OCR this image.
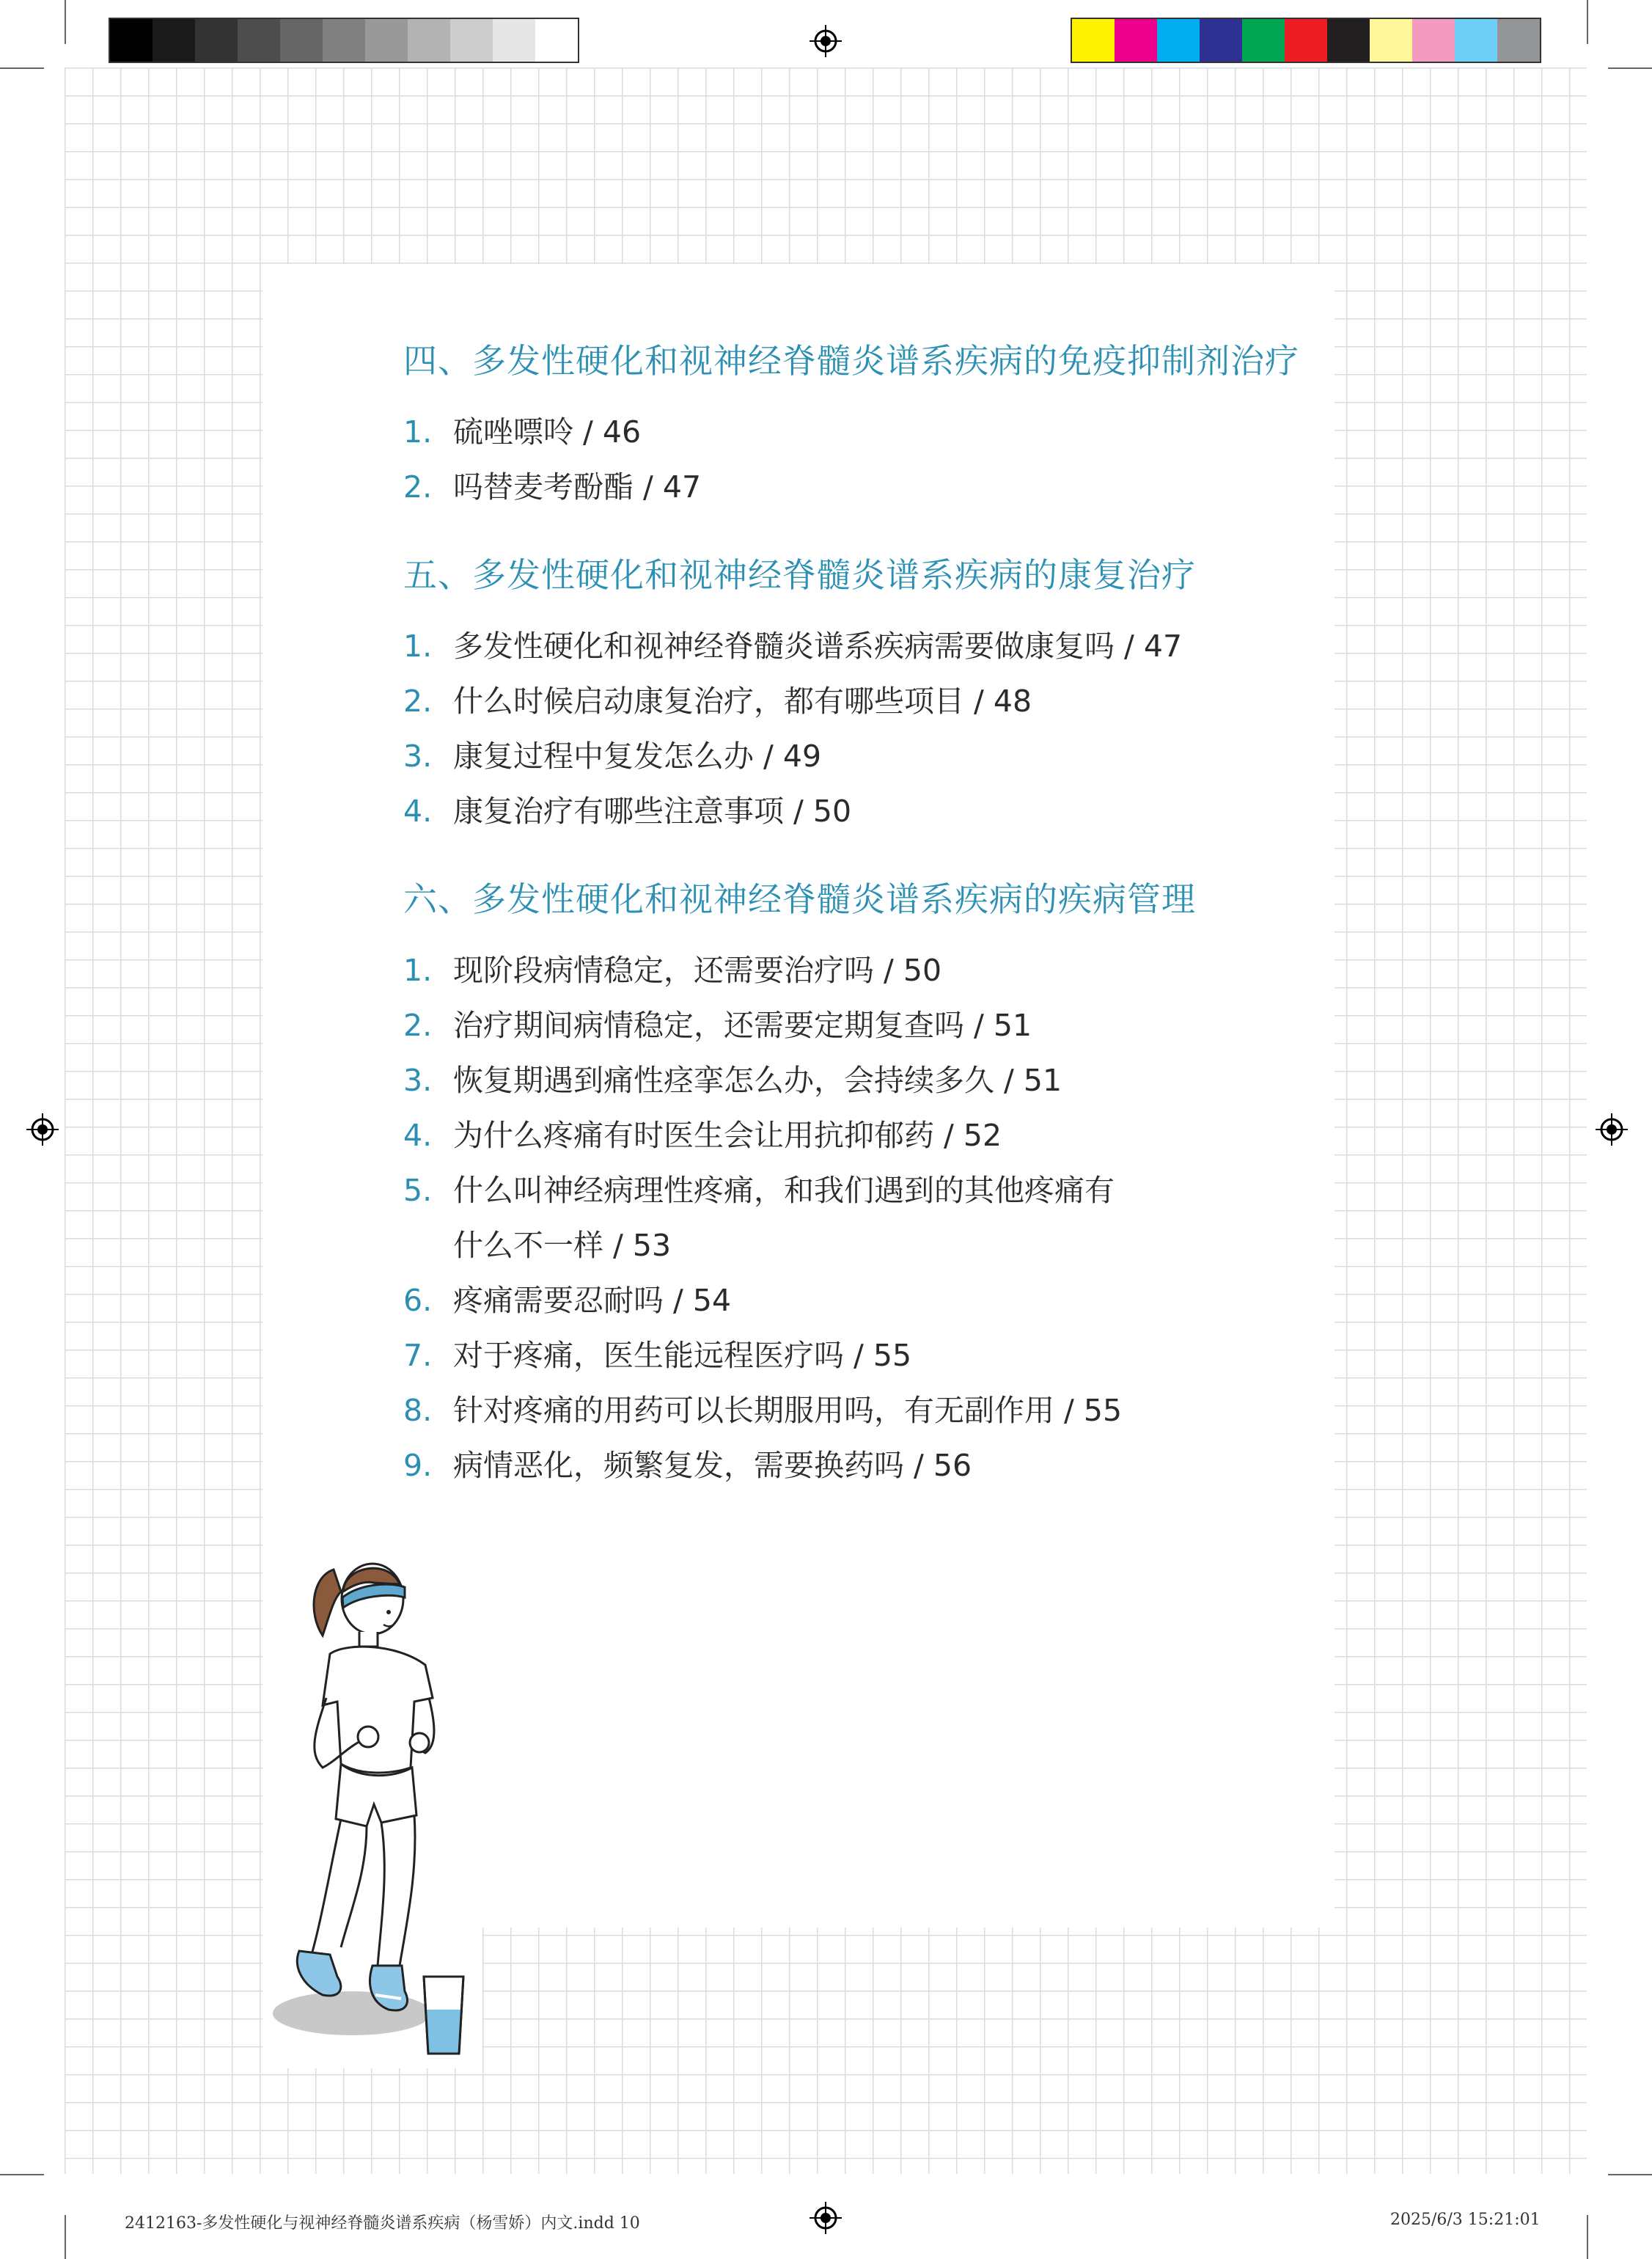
四、多发性硬化和视神经脊髓炎谱系疾病的免疫抑制剂治疗
1. 硫唑嘌呤 / 46
2. 吗替麦考酚酯 / 47
五、多发性硬化和视神经脊髓炎谱系疾病的康复治疗
1. 多发性硬化和视神经脊髓炎谱系疾病需要做康复吗 / 47
2. 什么时候启动康复治疗，都有哪些项目 / 48
3. 康复过程中复发怎么办 / 49
4. 康复治疗有哪些注意事项 / 50
六、多发性硬化和视神经脊髓炎谱系疾病的疾病管理
1. 现阶段病情稳定，还需要治疗吗 / 50
2. 治疗期间病情稳定，还需要定期复查吗 / 51
3. 恢复期遇到痛性痉挛怎么办，会持续多久 / 51
4. 为什么疼痛有时医生会让用抗抑郁药 / 52
5. 什么叫神经病理性疼痛，和我们遇到的其他疼痛有
什么不一样 / 53
6. 疼痛需要忍耐吗 / 54
7. 对于疼痛，医生能远程医疗吗 / 55
8. 针对疼痛的用药可以长期服用吗，有无副作用 / 55
9. 病情恶化，频繁复发，需要换药吗 / 56
2412163-多发性硬化与视神经脊髓炎谱系疾病（杨雪娇）内文.indd 10	2025/6/3 15:21:01
